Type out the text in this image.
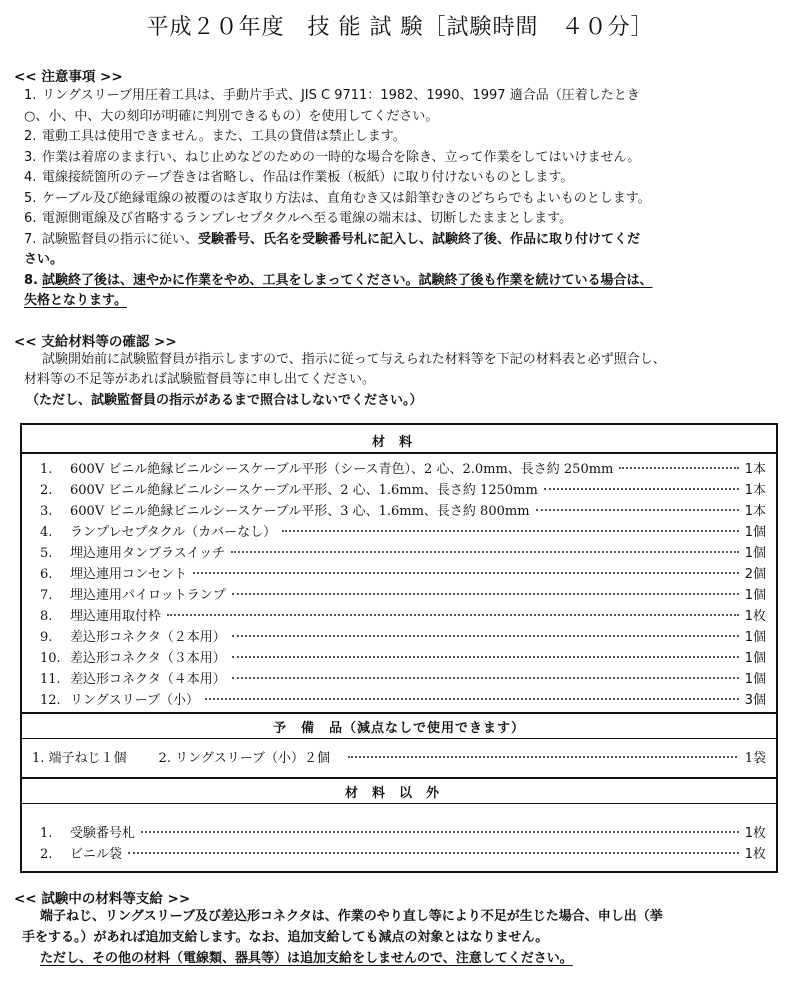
平成２０年度　技 能 試 験［試験時間　４０分］
<< 注意事項 >>
1. リングスリーブ用圧着工具は、手動片手式、JIS C 9711：1982、1990、1997 適合品（圧着したとき
○、小、中、大の刻印が明確に判別できるもの）を使用してください。
2. 電動工具は使用できません。また、工具の貸借は禁止します。
3. 作業は着席のまま行い、ねじ止めなどのための一時的な場合を除き、立って作業をしてはいけません。
4. 電線接続箇所のテープ巻きは省略し、作品は作業板（板紙）に取り付けないものとします。
5. ケーブル及び絶縁電線の被覆のはぎ取り方法は、直角むき又は鉛筆むきのどちらでもよいものとします。
6. 電源側電線及び省略するランプレセプタクルへ至る電線の端末は、切断したままとします。
7. 試験監督員の指示に従い、受験番号、氏名を受験番号札に記入し、試験終了後、作品に取り付けてくだ
さい。
8. 試験終了後は、速やかに作業をやめ、工具をしまってください。試験終了後も作業を続けている場合は、
失格となります。
<< 支給材料等の確認 >>
試験開始前に試験監督員が指示しますので、指示に従って与えられた材料等を下記の材料表と必ず照合し、
材料等の不足等があれば試験監督員等に申し出てください。
（ただし、試験監督員の指示があるまで照合はしないでください。）
材料
1.	600V ビニル絶縁ビニルシースケーブル平形（シース青色）、2 心、2.0mm、長さ約 250mm	1本
2.	600V ビニル絶縁ビニルシースケーブル平形、2 心、1.6mm、長さ約 1250mm	1本
3.	600V ビニル絶縁ビニルシースケーブル平形、3 心、1.6mm、長さ約 800mm	1本
4.	ランプレセプタクル（カバーなし）	1個
5.	埋込連用タンブラスイッチ	1個
6.	埋込連用コンセント	2個
7.	埋込連用パイロットランプ	1個
8.	埋込連用取付枠	1枚
9.	差込形コネクタ（２本用）	1個
10. 差込形コネクタ（３本用）	1個
11. 差込形コネクタ（４本用）	1個
12. リングスリーブ（小）	3個
予　備　品（減点なしで使用できます）
1. 端子ねじ１個 2. リングスリーブ（小）２個	1袋
材料以外
1.	受験番号札	1枚
2.	ビニル袋	1枚
<< 試験中の材料等支給 >>
端子ねじ、リングスリーブ及び差込形コネクタは、作業のやり直し等により不足が生じた場合、申し出（挙
手をする。）があれば追加支給します。なお、追加支給しても減点の対象とはなりません。
ただし、その他の材料（電線類、器具等）は追加支給をしませんので、注意してください。
